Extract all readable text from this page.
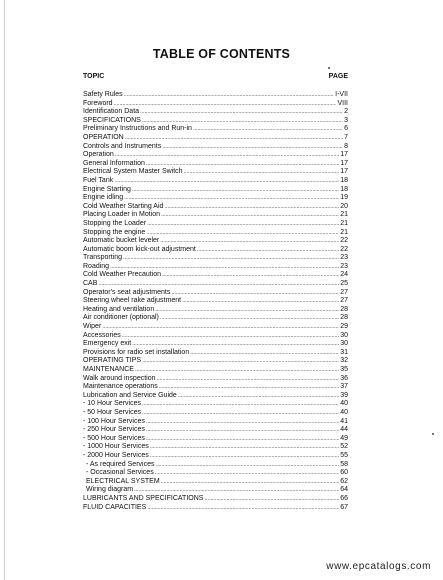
TABLE OF CONTENTS
TOPIC	PAGE
Safety Rules .....	I-VII
Foreword .....	VIII
Identification Data .....	2
SPECIFICATIONS .....	3
Preliminary Instructions and Run-in .....	6
OPERATION .....	7
Controls and Instruments .....	8
Operation .....	17
General Information .....	17
Electrical System Master Switch .....	17
Fuel Tank .....	18
Engine Starting .....	18
Engine idling .....	19
Cold Weather Starting Aid .....	20
Placing Loader in Motion .....	21
Stopping the Loader .....	21
Stopping the engine .....	21
Automatic bucket leveler .....	22
Automatic boom kick-out adjustment .....	22
Transporting .....	23
Roading .....	23
Cold Weather Precaution .....	24
CAB .....	25
Operator's seat adjustments .....	27
Steering wheel rake adjustment .....	27
Heating and ventilation .....	28
Air conditioner (optional) .....	28
Wiper .....	29
Accessories .....	30
Emergency exit .....	30
Provisions for radio set installation .....	31
OPERATING TIPS .....	32
MAINTENANCE .....	35
Walk around inspection .....	36
Maintenance operations .....	37
Lubrication and Service Guide .....	39
- 10 Hour Services .....	40
- 50 Hour Services .....	40
- 100 Hour Services .....	41
- 250 Hour Services .....	44
- 500 Hour Services .....	49
- 1000 Hour Services .....	52
- 2000 Hour Services .....	55
- As required Services .....	58
- Occasional Services .....	60
ELECTRICAL SYSTEM .....	62
Wiring diagram .....	64
LUBRICANTS AND SPECIFICATIONS .....	66
FLUID CAPACITIES .....	67
www.epcatalogs.com
